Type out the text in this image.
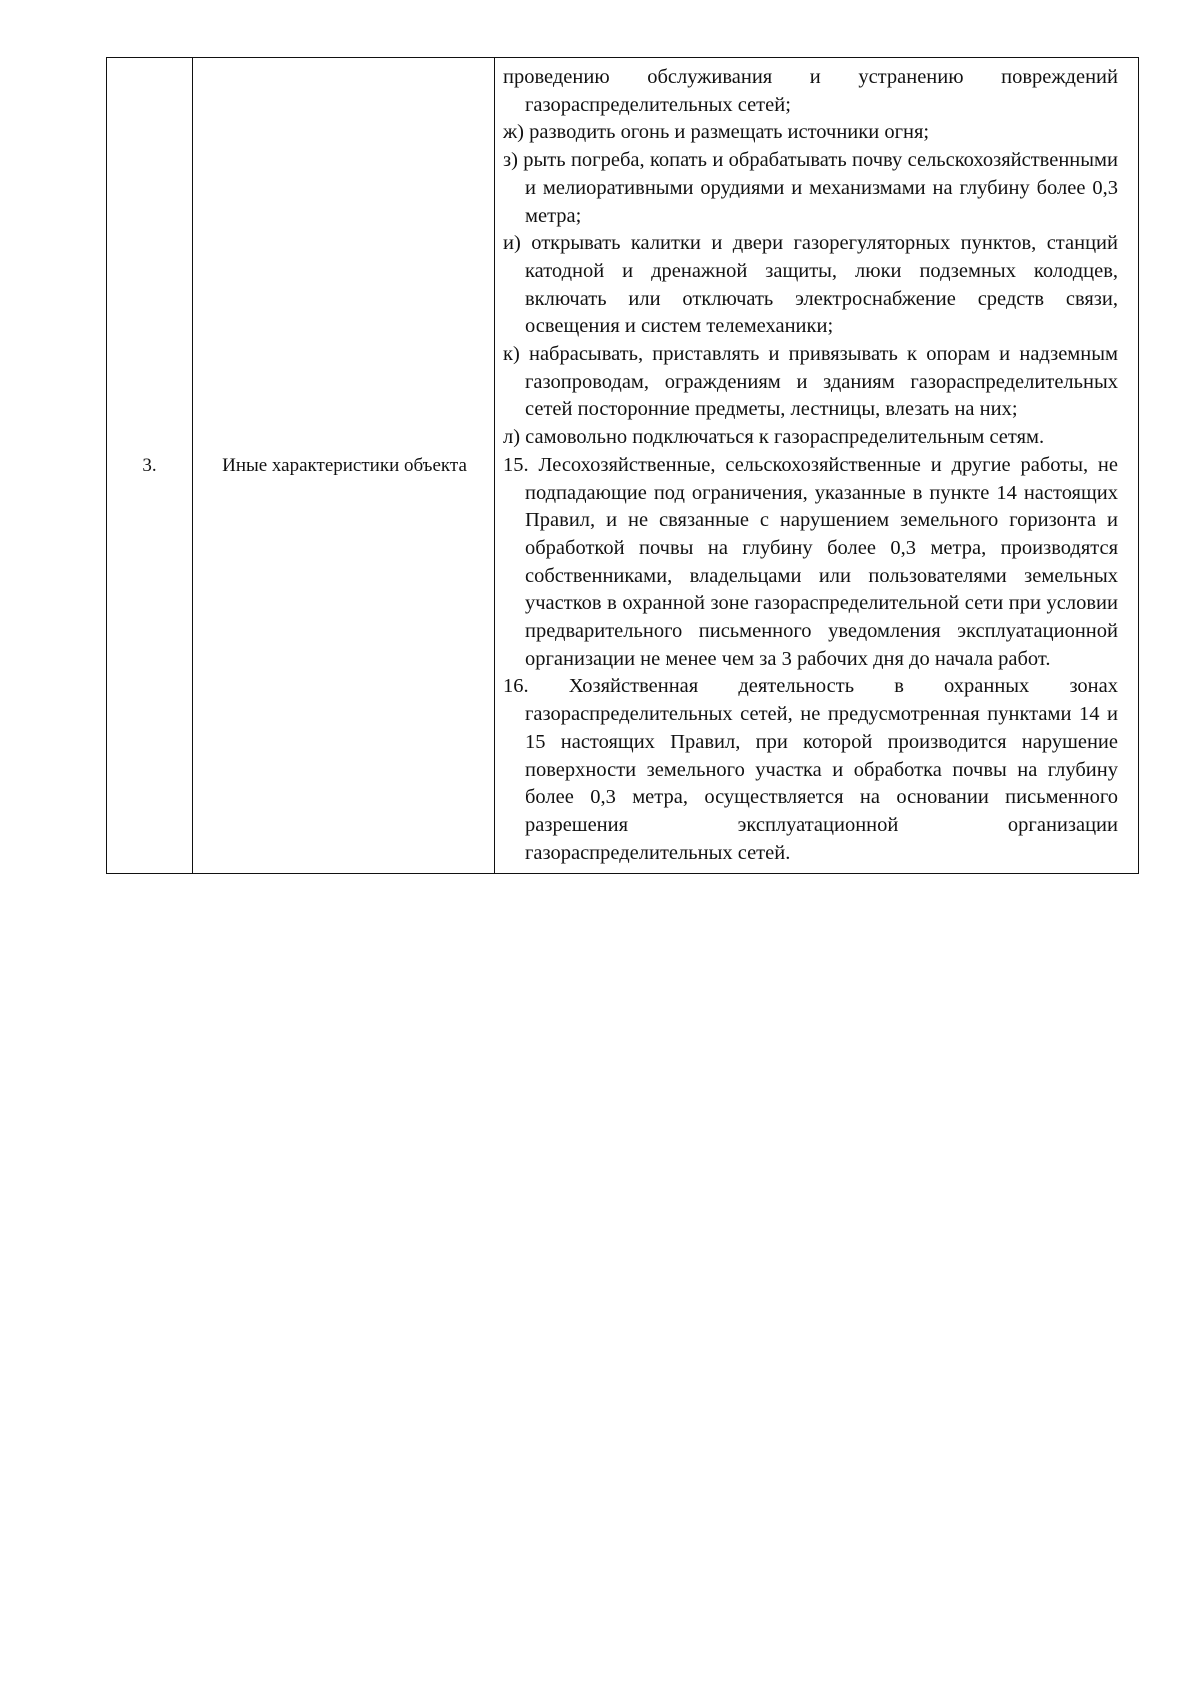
3.	Иные характеристики объекта	

проведению обслуживания и устранению повреждений газораспределительных сетей;

ж) разводить огонь и размещать источники огня;

з) рыть погреба, копать и обрабатывать почву сельскохозяйственными и мелиоративными орудиями и механизмами на глубину более 0,3 метра;

и) открывать калитки и двери газорегуляторных пунктов, станций катодной и дренажной защиты, люки подземных колодцев, включать или отключать электроснабжение средств связи, освещения и систем телемеханики;

к) набрасывать, приставлять и привязывать к опорам и надземным газопроводам, ограждениям и зданиям газораспределительных сетей посторонние предметы, лестницы, влезать на них;

л) самовольно подключаться к газораспределительным сетям.

15. Лесохозяйственные, сельскохозяйственные и другие работы, не подпадающие под ограничения, указанные в пункте 14 настоящих Правил, и не связанные с нарушением земельного горизонта и обработкой почвы на глубину более 0,3 метра, производятся собственниками, владельцами или пользователями земельных участков в охранной зоне газораспределительной сети при условии предварительного письменного уведомления эксплуатационной организации не менее чем за 3 рабочих дня до начала работ.

16. Хозяйственная деятельность в охранных зонах газораспределительных сетей, не предусмотренная пунктами 14 и 15 настоящих Правил, при которой производится нарушение поверхности земельного участка и обработка почвы на глубину более 0,3 метра, осуществляется на основании письменного разрешения эксплуатационной организации газораспределительных сетей.
